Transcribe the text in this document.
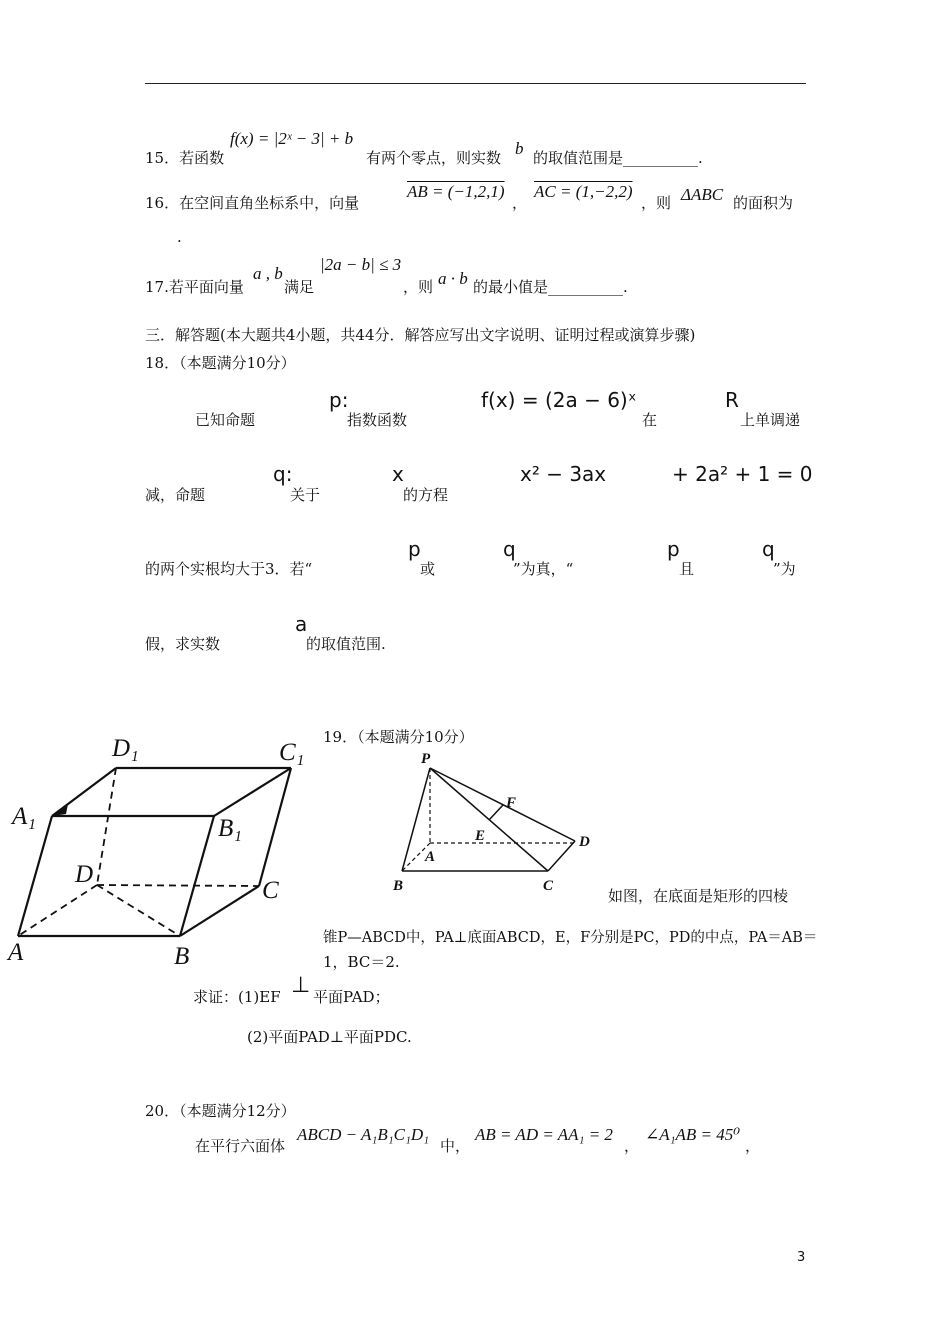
15．若函数
f(x) = |2ˣ − 3| + b
有两个零点，则实数 b 的取值范围是__________.
16．在空间直角坐标系中，向量
AB = (−1,2,1)
，
AC = (1,−2,2)
，则 ΔABC 的面积为
.
17.若平面向量
a , b
满足
|2a − b| ≤ 3
，则 a · b 的最小值是__________.
三．解答题(本大题共4小题，共44分．解答应写出文字说明、证明过程或演算步骤)
18．（本题满分10分）
已知命题
p:
指数函数
f(x) = (2a − 6)ˣ
在
R
上单调递
减，命题
q:
关于
x
的方程
x² − 3ax	+ 2a² + 1 = 0
的两个实根均大于3．若“
p
或
q
”为真，“
p
且
q
”为
假，求实数
a
的取值范围.
D₁	C₁
A₁	B₁
D
C
A	B
19．（本题满分10分）
P
F
E
A
D
B	C
如图，在底面是矩形的四棱
锥P—ABCD中，PA⊥底面ABCD，E，F分别是PC，PD的中点，PA＝AB＝
1，BC＝2.
求证：(1)EF ⊥ 平面PAD；
(2)平面PAD⊥平面PDC.
20．（本题满分12分）
在平行六面体
ABCD − A₁B₁C₁D₁
中，
AB = AD = AA₁ = 2
，
∠A₁AB = 45⁰
，
3
